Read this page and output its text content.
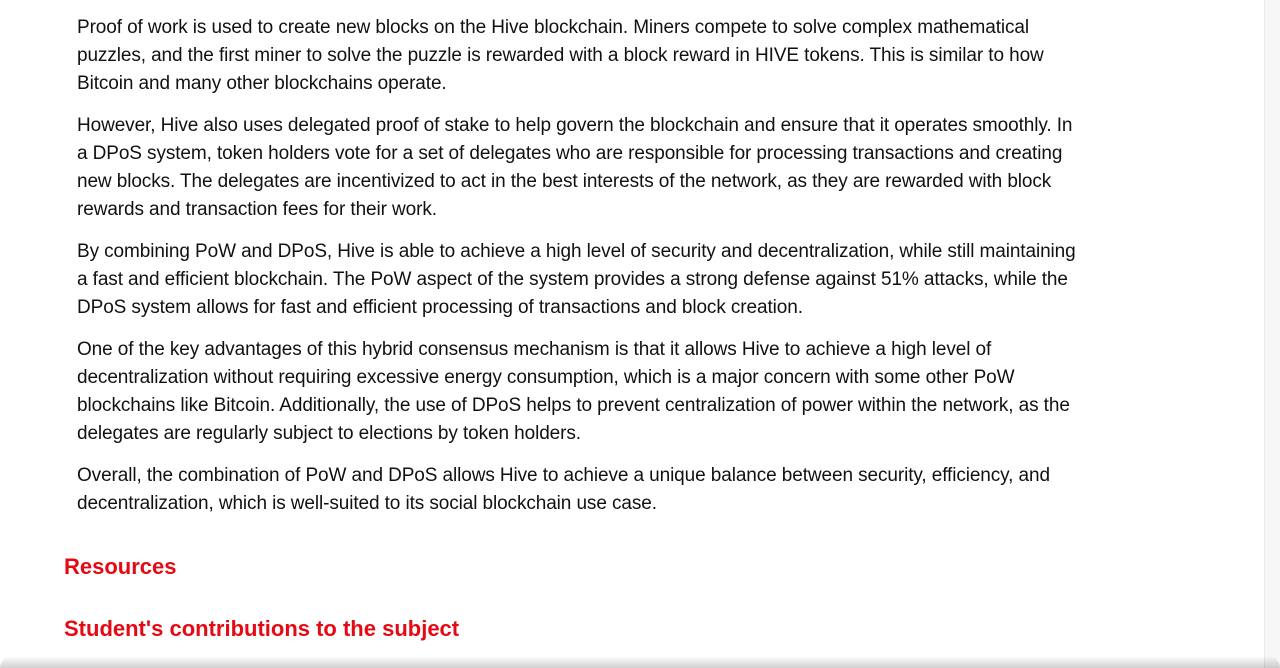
Proof of work is used to create new blocks on the Hive blockchain. Miners compete to solve complex mathematical puzzles, and the first miner to solve the puzzle is rewarded with a block reward in HIVE tokens. This is similar to how Bitcoin and many other blockchains operate.

However, Hive also uses delegated proof of stake to help govern the blockchain and ensure that it operates smoothly. In a DPoS system, token holders vote for a set of delegates who are responsible for processing transactions and creating new blocks. The delegates are incentivized to act in the best interests of the network, as they are rewarded with block rewards and transaction fees for their work.

By combining PoW and DPoS, Hive is able to achieve a high level of security and decentralization, while still maintaining a fast and efficient blockchain. The PoW aspect of the system provides a strong defense against 51% attacks, while the DPoS system allows for fast and efficient processing of transactions and block creation.

One of the key advantages of this hybrid consensus mechanism is that it allows Hive to achieve a high level of decentralization without requiring excessive energy consumption, which is a major concern with some other PoW blockchains like Bitcoin. Additionally, the use of DPoS helps to prevent centralization of power within the network, as the delegates are regularly subject to elections by token holders.

Overall, the combination of PoW and DPoS allows Hive to achieve a unique balance between security, efficiency, and decentralization, which is well-suited to its social blockchain use case.

Resources
Student's contributions to the subject
